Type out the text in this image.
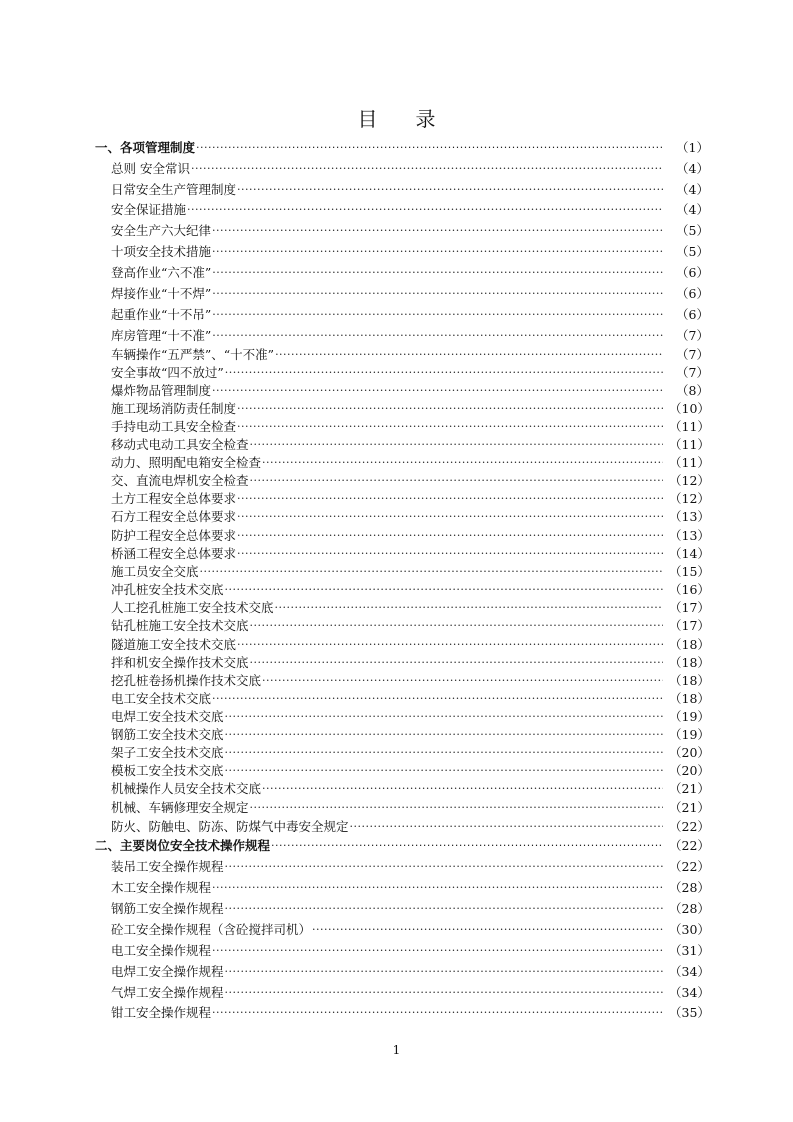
目 录
一、各项管理制度 ·····	（1）
总则 安全常识 ·····	（4）
日常安全生产管理制度 ·····	（4）
安全保证措施 ·····	（4）
安全生产六大纪律 ·····	（5）
十项安全技术措施 ·····	（5）
登高作业“六不准” ·····	（6）
焊接作业“十不焊” ·····	（6）
起重作业“十不吊” ·····	（6）
库房管理“十不准” ·····	（7）
车辆操作“五严禁”、“十不准” ·····	（7）
安全事故“四不放过” ·····	（7）
爆炸物品管理制度 ·····	（8）
施工现场消防责任制度 ·····	（10）
手持电动工具安全检查 ·····	（11）
移动式电动工具安全检查 ·····	（11）
动力、照明配电箱安全检查 ·····	（11）
交、直流电焊机安全检查 ·····	（12）
土方工程安全总体要求 ·····	（12）
石方工程安全总体要求 ·····	（13）
防护工程安全总体要求 ·····	（13）
桥涵工程安全总体要求 ·····	（14）
施工员安全交底 ·····	（15）
冲孔桩安全技术交底 ·····	（16）
人工挖孔桩施工安全技术交底 ·····	（17）
钻孔桩施工安全技术交底 ·····	（17）
隧道施工安全技术交底 ·····	（18）
拌和机安全操作技术交底 ·····	（18）
挖孔桩卷扬机操作技术交底 ·····	（18）
电工安全技术交底 ·····	（18）
电焊工安全技术交底 ·····	（19）
钢筋工安全技术交底 ·····	（19）
架子工安全技术交底 ·····	（20）
模板工安全技术交底 ·····	（20）
机械操作人员安全技术交底 ·····	（21）
机械、车辆修理安全规定 ·····	（21）
防火、防触电、防冻、防煤气中毒安全规定 ·····	（22）
二、主要岗位安全技术操作规程 ·····	（22）
装吊工安全操作规程 ·····	（22）
木工安全操作规程 ·····	（28）
钢筋工安全操作规程 ·····	（28）
砼工安全操作规程（含砼搅拌司机） ·····	（30）
电工安全操作规程 ·····	（31）
电焊工安全操作规程 ·····	（34）
气焊工安全操作规程 ·····	（34）
钳工安全操作规程 ·····	（35）
1
